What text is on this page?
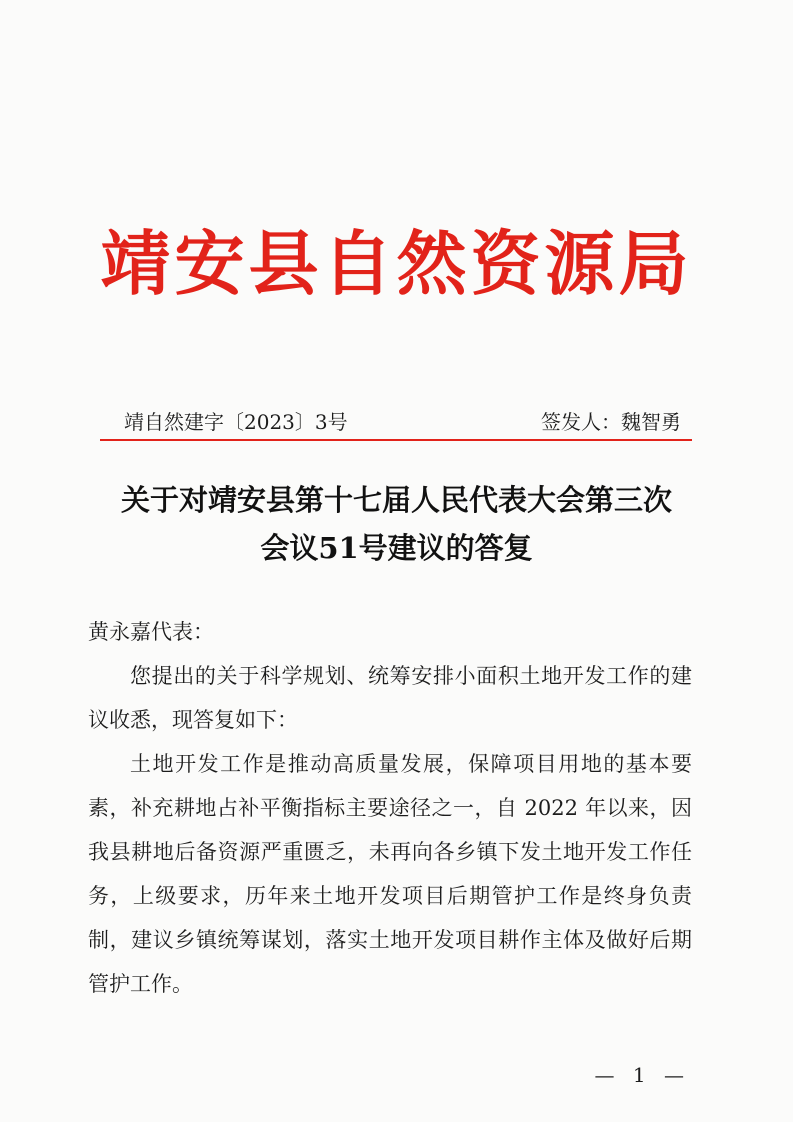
靖安县自然资源局
靖自然建字〔2023〕3号	签发人：魏智勇
关于对靖安县第十七届人民代表大会第三次
会议51号建议的答复
黄永嘉代表：
您提出的关于科学规划、统筹安排小面积土地开发工作的建
议收悉，现答复如下：
土地开发工作是推动高质量发展，保障项目用地的基本要
素，补充耕地占补平衡指标主要途径之一，自 2022 年以来，因
我县耕地后备资源严重匮乏，未再向各乡镇下发土地开发工作任
务，上级要求，历年来土地开发项目后期管护工作是终身负责
制，建议乡镇统筹谋划，落实土地开发项目耕作主体及做好后期
管护工作。
— 1 —
